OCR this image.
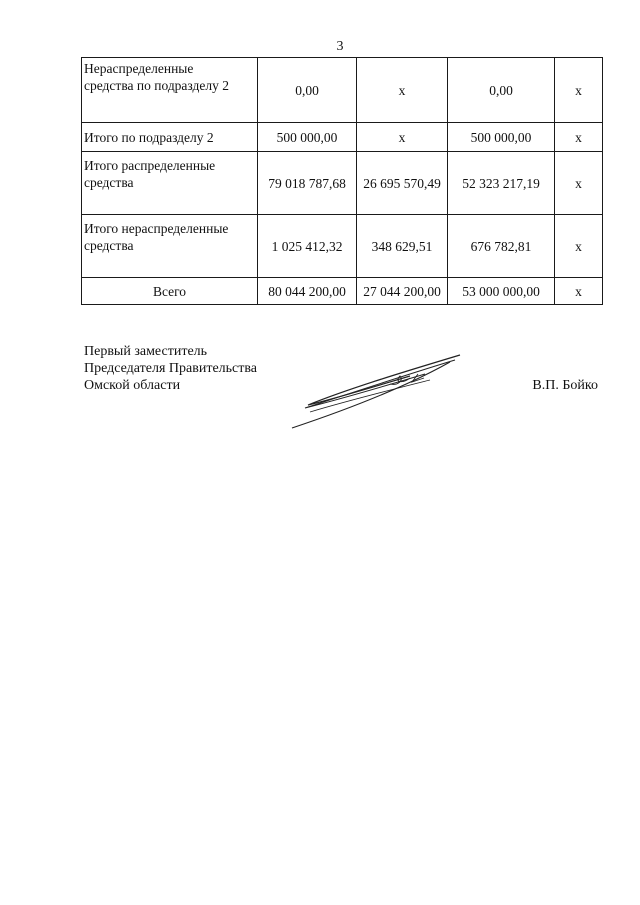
3
Нераспределенные
средства по подразделу 2	0,00	х	0,00	х
Итого по подразделу 2	500 000,00	х	500 000,00	х

Итого распределенные
средства	79 018 787,68	26 695 570,49	52 323 217,19	х

Итого нераспределенные
средства	1 025 412,32	348 629,51	676 782,81	х
Всего	80 044 200,00	27 044 200,00	53 000 000,00	х
Первый заместитель
Председателя Правительства
Омской области	В.П. Бойко
